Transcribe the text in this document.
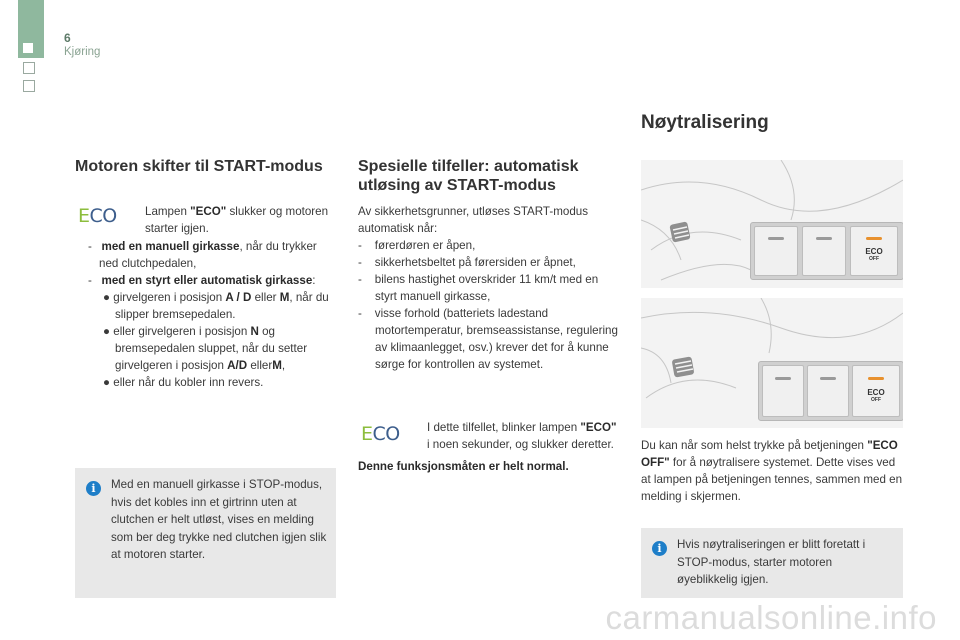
6
Kjøring
Motoren skifter til START-modus
ECO Lampen "ECO" slukker og motoren starter igjen.

- med en manuell girkasse, når du trykker ned clutchpedalen,

- med en styrt eller automatisk girkasse:

● girvelgeren i posisjon A / D eller M, når du slipper bremsepedalen.

● eller girvelgeren i posisjon N og bremsepedalen sluppet, når du setter girvelgeren i posisjon A/D ellerM,

● eller når du kobler inn revers.

i	Med en manuell girkasse i STOP-modus, hvis det kobles inn et girtrinn uten at clutchen er helt utløst, vises en melding som ber deg trykke ned clutchen igjen slik at motoren starter.

Spesielle tilfeller: automatisk utløsing av START-modus

Av sikkerhetsgrunner, utløses START-modus automatisk når:

- førerdøren er åpen,

- sikkerhetsbeltet på førersiden er åpnet,

- bilens hastighet overskrider 11 km/t med en styrt manuell girkasse,

- visse forhold (batteriets ladestand motortemperatur, bremseassistanse, regulering av klimaanlegget, osv.) krever det for å kunne sørge for kontrollen av systemet.

ECO I dette tilfellet, blinker lampen "ECO" i noen sekunder, og slukker deretter.

Denne funksjonsmåten er helt normal.

Nøytralisering
ECO
OFF
ECO
OFF

Du kan når som helst trykke på betjeningen "ECO OFF" for å nøytralisere systemet. Dette vises ved at lampen på betjeningen tennes, sammen med en melding i skjermen.

i	Hvis nøytraliseringen er blitt foretatt i STOP-modus, starter motoren øyeblikkelig igjen.

carmanualsonline.info
